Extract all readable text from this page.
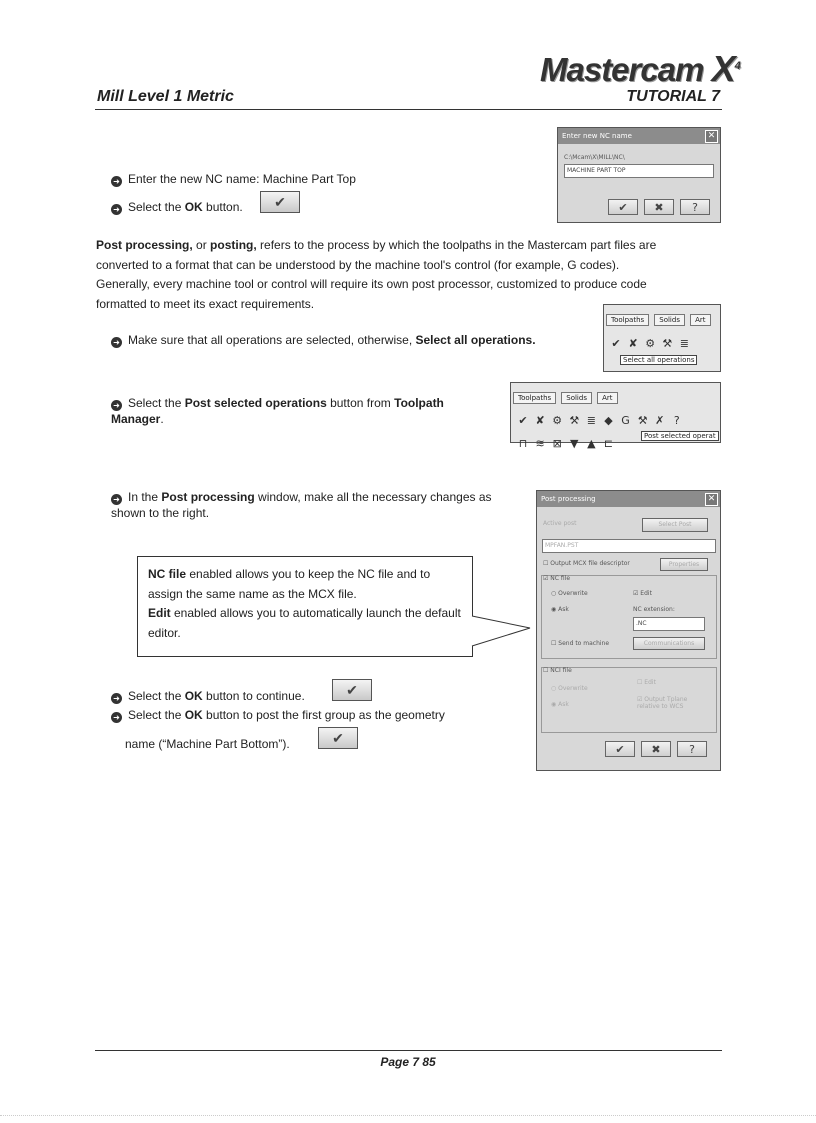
Mastercam $X^4$
Mill Level 1 Metric	TUTORIAL 7
➜ Enter the new NC name: Machine Part Top
➜ Select the OK button.	✔
Enter new NC name	✕
C:\Mcam\X\MILL\NC\
MACHINE PART TOP
✔	✖	?
Post processing, or posting, refers to the process by which the toolpaths in the Mastercam part files are converted to a format that can be understood by the machine tool's control (for example, G codes). Generally, every machine tool or control will require its own post processor, customized to produce code formatted to meet its exact requirements.
➜ Make sure that all operations are selected, otherwise, Select all operations.
Toolpaths Solids Art
✔ ✘ ⚙ ⚒ ≣
Select all operations
➜ Select the Post selected operations button from Toolpath Manager.
Toolpaths Solids Art
✔ ✘ ⚙ ⚒ ≣ ◆ G ⚒ ✗ ?
⊓ ≋ ⊠ ▼ ▲ ⊏
Post selected operat
➜ In the Post processing window, make all the necessary changes as shown to the right.
NC file enabled allows you to keep the NC file and to assign the same name as the MCX file.
Edit enabled allows you to automatically launch the default editor.
Post processing	✕
Active post	Select Post
MPFAN.PST
☐ Output MCX file descriptor	Properties
☑ NC file
○ Overwrite	☑ Edit
◉ Ask	NC extension:
.NC
☐ Send to machine	Communications
☐ NCI file
○ Overwrite
☐ Edit
◉ Ask
☑ Output Tplane relative to WCS
✔	✖	?
➜ Select the OK button to continue.	✔
➜ Select the OK button to post the first group as the geometry
name (“Machine Part Bottom”).	✔
Page 7 85
